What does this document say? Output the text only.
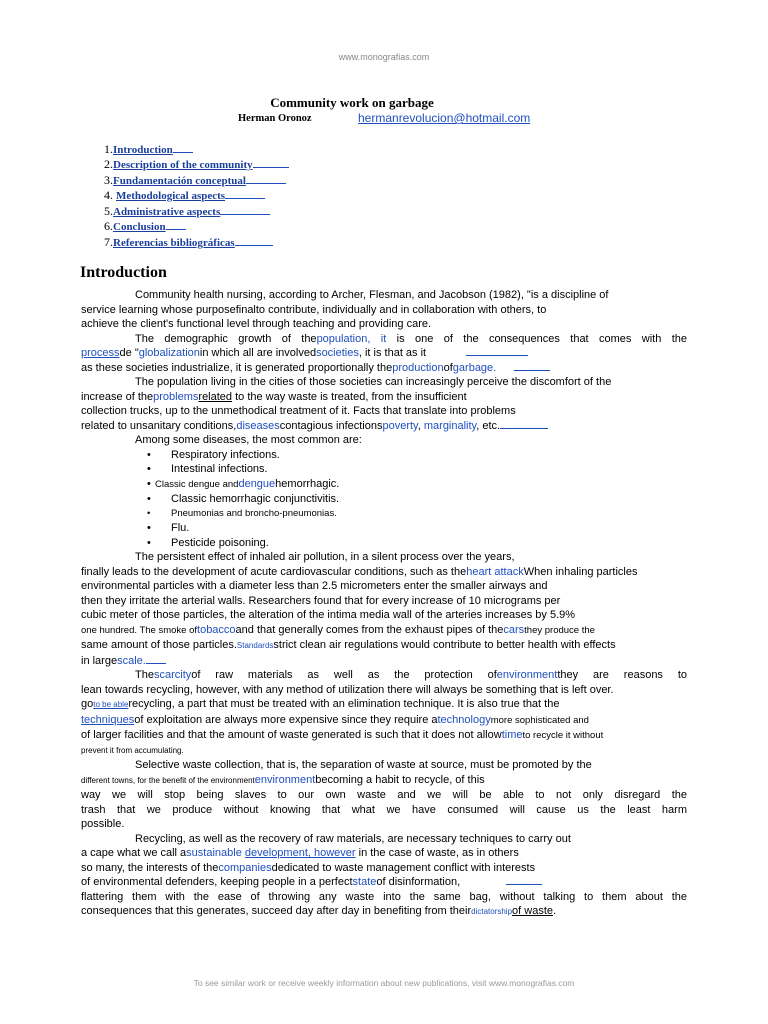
www.monografias.com
Community work on garbage
Herman Oronoz	hermanrevolucion@hotmail.com
1.Introduction
2.Description of the community
3.Fundamentación conceptual
4. Methodological aspects
5.Administrative aspects
6.Conclusion
7.Referencias bibliográficas
Introduction

Community health nursing, according to Archer, Flesman, and Jacobson (1982), "is a discipline of

service learning whose purposefinalto contribute, individually and in collaboration with others, to

achieve the client's functional level through teaching and providing care.

The demographic growth of thepopulation, it is one of the consequences that comes with the

processde "globalizationin which all are involvedsocieties, it is that as it

as these societies industrialize, it is generated proportionally theproductionofgarbage.

The population living in the cities of those societies can increasingly perceive the discomfort of the

increase of theproblemsrelated to the way waste is treated, from the insufficient

collection trucks, up to the unmethodical treatment of it. Facts that translate into problems

related to unsanitary conditions,diseasescontagious infectionspoverty, marginality, etc.

Among some diseases, the most common are:

• Respiratory infections.
• Intestinal infections.
• Classic dengue anddenguehemorrhagic.
• Classic hemorrhagic conjunctivitis.
• Pneumonias and broncho-pneumonias.
• Flu.
• Pesticide poisoning.

The persistent effect of inhaled air pollution, in a silent process over the years,

finally leads to the development of acute cardiovascular conditions, such as theheart attackWhen inhaling particles

environmental particles with a diameter less than 2.5 micrometers enter the smaller airways and

then they irritate the arterial walls. Researchers found that for every increase of 10 micrograms per

cubic meter of those particles, the alteration of the intima media wall of the arteries increases by 5.9%

one hundred. The smoke oftobaccoand that generally comes from the exhaust pipes of thecarsthey produce the

same amount of those particles.Standardsstrict clean air regulations would contribute to better health with effects

in largescale.

Thescarcityof raw materials as well as the protection ofenvironmentthey are reasons to

lean towards recycling, however, with any method of utilization there will always be something that is left over.

goto be ablerecycling, a part that must be treated with an elimination technique. It is also true that the

techniquesof exploitation are always more expensive since they require atechnologymore sophisticated and

of larger facilities and that the amount of waste generated is such that it does not allowtimeto recycle it without

prevent it from accumulating.

Selective waste collection, that is, the separation of waste at source, must be promoted by the

different towns, for the benefit of the environmentenvironmentbecoming a habit to recycle, of this

way we will stop being slaves to our own waste and we will be able to not only disregard the

trash that we produce without knowing that what we have consumed will cause us the least harm

possible.

Recycling, as well as the recovery of raw materials, are necessary techniques to carry out

a cape what we call asustainable development, however in the case of waste, as in others

so many, the interests of thecompaniesdedicated to waste management conflict with interests

of environmental defenders, keeping people in a perfectstateof disinformation,

flattering them with the ease of throwing any waste into the same bag, without talking to them about the

consequences that this generates, succeed day after day in benefiting from theirdictatorshipof waste.

To see similar work or receive weekly information about new publications, visit www.monografias.com
